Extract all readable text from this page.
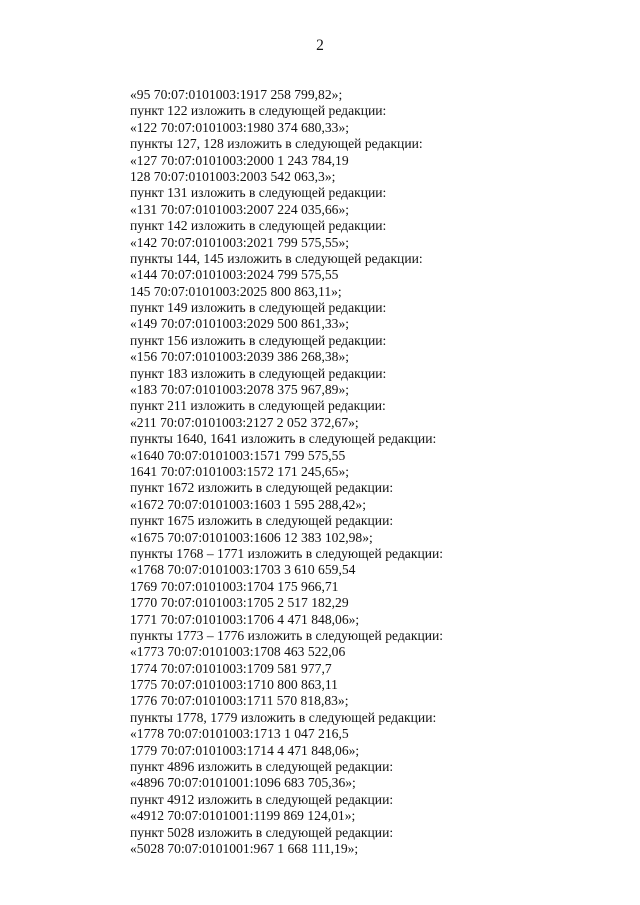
2
«95 70:07:0101003:1917 258 799,82»;
пункт 122 изложить в следующей редакции:
«122 70:07:0101003:1980 374 680,33»;
пункты 127, 128 изложить в следующей редакции:
«127 70:07:0101003:2000 1 243 784,19
128 70:07:0101003:2003 542 063,3»;
пункт 131 изложить в следующей редакции:
«131 70:07:0101003:2007 224 035,66»;
пункт 142 изложить в следующей редакции:
«142 70:07:0101003:2021 799 575,55»;
пункты 144, 145 изложить в следующей редакции:
«144 70:07:0101003:2024 799 575,55
145 70:07:0101003:2025 800 863,11»;
пункт 149 изложить в следующей редакции:
«149 70:07:0101003:2029 500 861,33»;
пункт 156 изложить в следующей редакции:
«156 70:07:0101003:2039 386 268,38»;
пункт 183 изложить в следующей редакции:
«183 70:07:0101003:2078 375 967,89»;
пункт 211 изложить в следующей редакции:
«211 70:07:0101003:2127 2 052 372,67»;
пункты 1640, 1641 изложить в следующей редакции:
«1640 70:07:0101003:1571 799 575,55
1641 70:07:0101003:1572 171 245,65»;
пункт 1672 изложить в следующей редакции:
«1672 70:07:0101003:1603 1 595 288,42»;
пункт 1675 изложить в следующей редакции:
«1675 70:07:0101003:1606 12 383 102,98»;
пункты 1768 – 1771 изложить в следующей редакции:
«1768 70:07:0101003:1703 3 610 659,54
1769 70:07:0101003:1704 175 966,71
1770 70:07:0101003:1705 2 517 182,29
1771 70:07:0101003:1706 4 471 848,06»;
пункты 1773 – 1776 изложить в следующей редакции:
«1773 70:07:0101003:1708 463 522,06
1774 70:07:0101003:1709 581 977,7
1775 70:07:0101003:1710 800 863,11
1776 70:07:0101003:1711 570 818,83»;
пункты 1778, 1779 изложить в следующей редакции:
«1778 70:07:0101003:1713 1 047 216,5
1779 70:07:0101003:1714 4 471 848,06»;
пункт 4896 изложить в следующей редакции:
«4896 70:07:0101001:1096 683 705,36»;
пункт 4912 изложить в следующей редакции:
«4912 70:07:0101001:1199 869 124,01»;
пункт 5028 изложить в следующей редакции:
«5028 70:07:0101001:967 1 668 111,19»;
